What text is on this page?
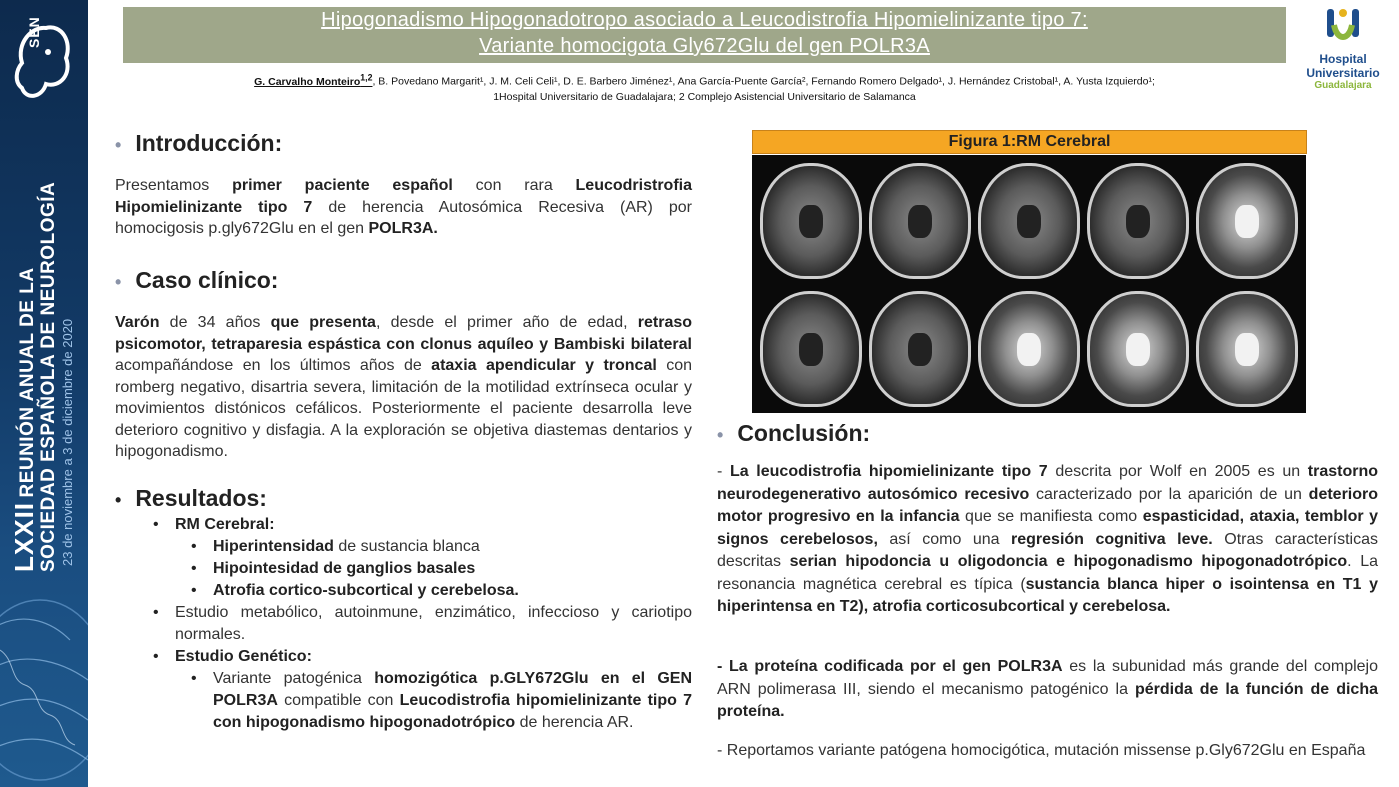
SEN
LXXII REUNIÓN ANUAL DE LA SOCIEDAD ESPAÑOLA DE NEUROLOGÍA 23 de noviembre a 3 de diciembre de 2020
Hipogonadismo Hipogonadotropo asociado a Leucodistrofia Hipomielinizante tipo 7:
Variante homocigota Gly672Glu del gen POLR3A
G. Carvalho Monteiro$^{1,2}$, B. Povedano Margarit¹, J. M. Celi Celi¹, D. E. Barbero Jiménez¹, Ana García-Puente García², Fernando Romero Delgado¹, J. Hernández Cristobal¹, A. Yusta Izquierdo¹;
1Hospital Universitario de Guadalajara; 2 Complejo Asistencial Universitario de Salamanca
Hospital Universitario
Guadalajara
• Introducción:

Presentamos primer paciente español con rara Leucodristrofia Hipomielinizante tipo 7 de herencia Autosómica Recesiva (AR) por homocigosis p.gly672Glu en el gen POLR3A.

• Caso clínico:

Varón de 34 años que presenta, desde el primer año de edad, retraso psicomotor, tetraparesia espástica con clonus aquíleo y Bambiski bilateral acompañándose en los últimos años de ataxia apendicular y troncal con romberg negativo, disartria severa, limitación de la motilidad extrínseca ocular y movimientos distónicos cefálicos. Posteriormente el paciente desarrolla leve deterioro cognitivo y disfagia. A la exploración se objetiva diastemas dentarios y hipogonadismo.

• Resultados:
• RM Cerebral:
• Hiperintensidad de sustancia blanca
• Hipointesidad de ganglios basales
• Atrofia cortico-subcortical y cerebelosa.
• Estudio metabólico, autoinmune, enzimático, infeccioso y cariotipo normales.
• Estudio Genético:
• Variante patogénica homozigótica p.GLY672Glu en el GEN POLR3A compatible con Leucodistrofia hipomielinizante tipo 7 con hipogonadismo hipogonadotrópico de herencia AR.
Figura 1:RM Cerebral
• Conclusión:

- La leucodistrofia hipomielinizante tipo 7 descrita por Wolf en 2005 es un trastorno neurodegenerativo autosómico recesivo caracterizado por la aparición de un deterioro motor progresivo en la infancia que se manifiesta como espasticidad, ataxia, temblor y signos cerebelosos, así como una regresión cognitiva leve. Otras características descritas serian hipodoncia u oligodoncia e hipogonadismo hipogonadotrópico. La resonancia magnética cerebral es típica (sustancia blanca hiper o isointensa en T1 y hiperintensa en T2), atrofia corticosubcortical y cerebelosa.

- La proteína codificada por el gen POLR3A es la subunidad más grande del complejo ARN polimerasa III, siendo el mecanismo patogénico la pérdida de la función de dicha proteína.

- Reportamos variante patógena homocigótica, mutación missense p.Gly672Glu en España
